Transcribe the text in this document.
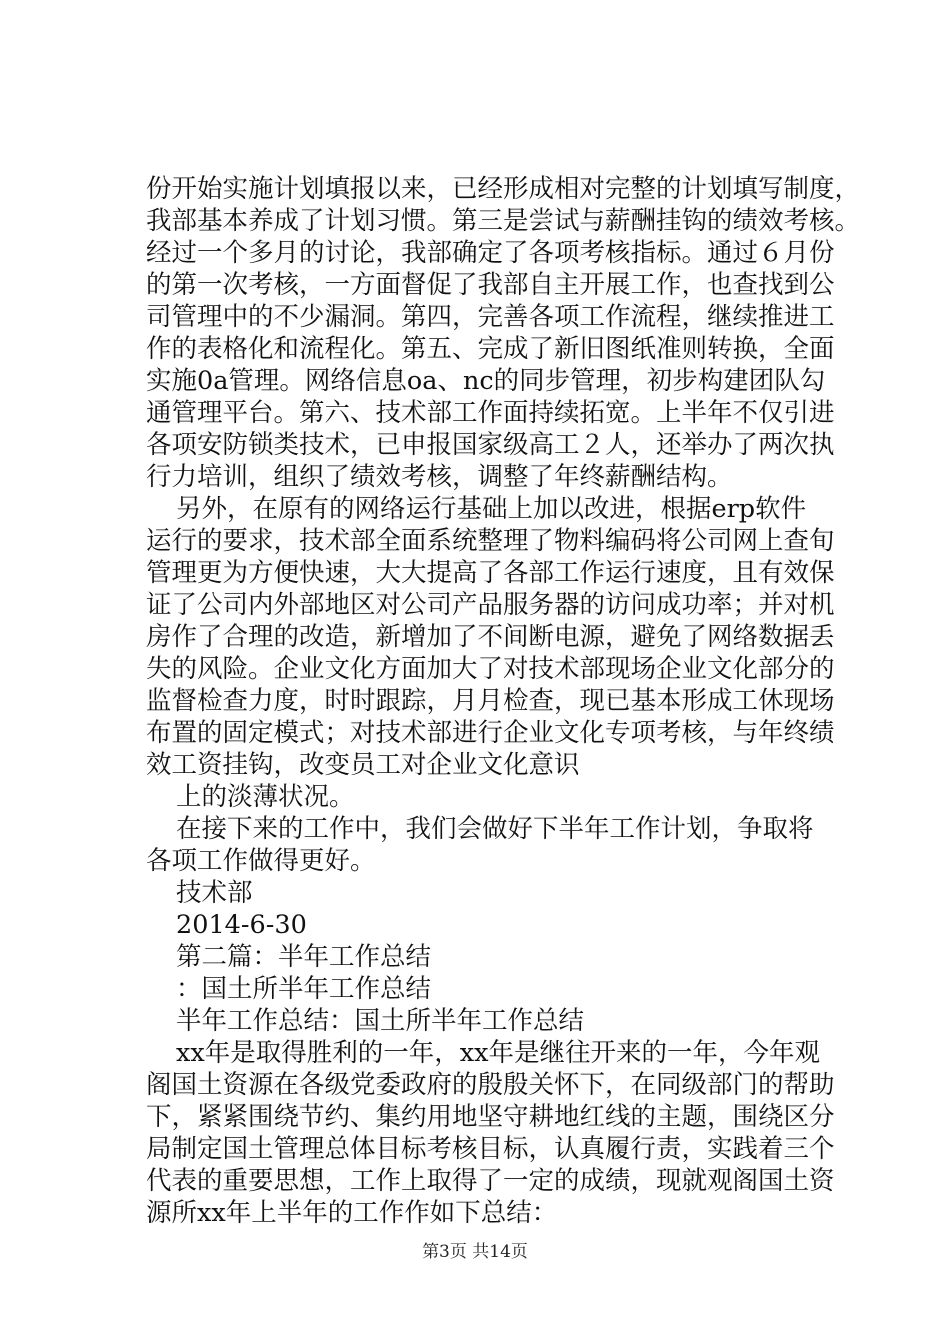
份开始实施计划填报以来，已经形成相对完整的计划填写制度，
我部基本养成了计划习惯。第三是尝试与薪酬挂钩的绩效考核。
经过一个多月的讨论，我部确定了各项考核指标。通过６月份
的第一次考核，一方面督促了我部自主开展工作，也查找到公
司管理中的不少漏洞。第四，完善各项工作流程，继续推进工
作的表格化和流程化。第五、完成了新旧图纸准则转换，全面
实施0a管理。网络信息oa、nc的同步管理，初步构建团队勾
通管理平台。第六、技术部工作面持续拓宽。上半年不仅引进
各项安防锁类技术，已申报国家级高工２人，还举办了两次执
行力培训，组织了绩效考核，调整了年终薪酬结构。
另外，在原有的网络运行基础上加以改进，根据erp软件
运行的要求，技术部全面系统整理了物料编码将公司网上查旬
管理更为方便快速，大大提高了各部工作运行速度，且有效保
证了公司内外部地区对公司产品服务器的访问成功率；并对机
房作了合理的改造，新增加了不间断电源，避免了网络数据丢
失的风险。企业文化方面加大了对技术部现场企业文化部分的
监督检查力度，时时跟踪，月月检查，现已基本形成工休现场
布置的固定模式；对技术部进行企业文化专项考核，与年终绩
效工资挂钩，改变员工对企业文化意识
上的淡薄状况。
在接下来的工作中，我们会做好下半年工作计划，争取将
各项工作做得更好。
技术部
2014-6-30
第二篇：半年工作总结
：国土所半年工作总结
半年工作总结：国土所半年工作总结
xx年是取得胜利的一年，xx年是继往开来的一年，今年观
阁国土资源在各级党委政府的殷殷关怀下，在同级部门的帮助
下，紧紧围绕节约、集约用地坚守耕地红线的主题，围绕区分
局制定国土管理总体目标考核目标，认真履行责，实践着三个
代表的重要思想，工作上取得了一定的成绩，现就观阁国土资
源所xx年上半年的工作作如下总结：
第3页 共14页
